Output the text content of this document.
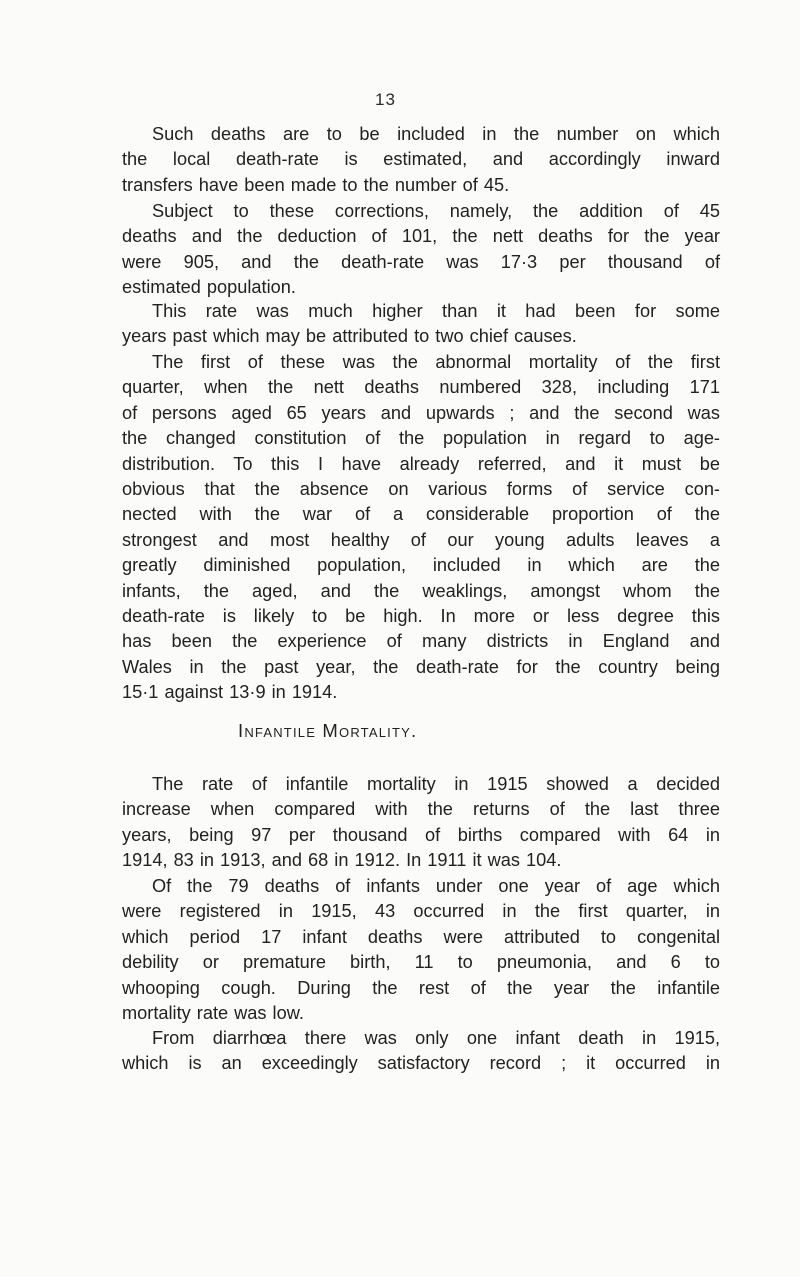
13
Such deaths are to be included in the number on which
the local death-rate is estimated, and accordingly inward
transfers have been made to the number of 45.
Subject to these corrections, namely, the addition of 45
deaths and the deduction of 101, the nett deaths for the year
were 905, and the death-rate was 17·3 per thousand of
estimated population.
This rate was much higher than it had been for some
years past which may be attributed to two chief causes.
The first of these was the abnormal mortality of the first
quarter, when the nett deaths numbered 328, including 171
of persons aged 65 years and upwards ; and the second was
the changed constitution of the population in regard to age-
distribution. To this I have already referred, and it must be
obvious that the absence on various forms of service con-
nected with the war of a considerable proportion of the
strongest and most healthy of our young adults leaves a
greatly diminished population, included in which are the
infants, the aged, and the weaklings, amongst whom the
death-rate is likely to be high. In more or less degree this
has been the experience of many districts in England and
Wales in the past year, the death-rate for the country being
15·1 against 13·9 in 1914.
Infantile Mortality.
The rate of infantile mortality in 1915 showed a decided
increase when compared with the returns of the last three
years, being 97 per thousand of births compared with 64 in
1914, 83 in 1913, and 68 in 1912. In 1911 it was 104.
Of the 79 deaths of infants under one year of age which
were registered in 1915, 43 occurred in the first quarter, in
which period 17 infant deaths were attributed to congenital
debility or premature birth, 11 to pneumonia, and 6 to
whooping cough. During the rest of the year the infantile
mortality rate was low.
From diarrhœa there was only one infant death in 1915,
which is an exceedingly satisfactory record ; it occurred in
